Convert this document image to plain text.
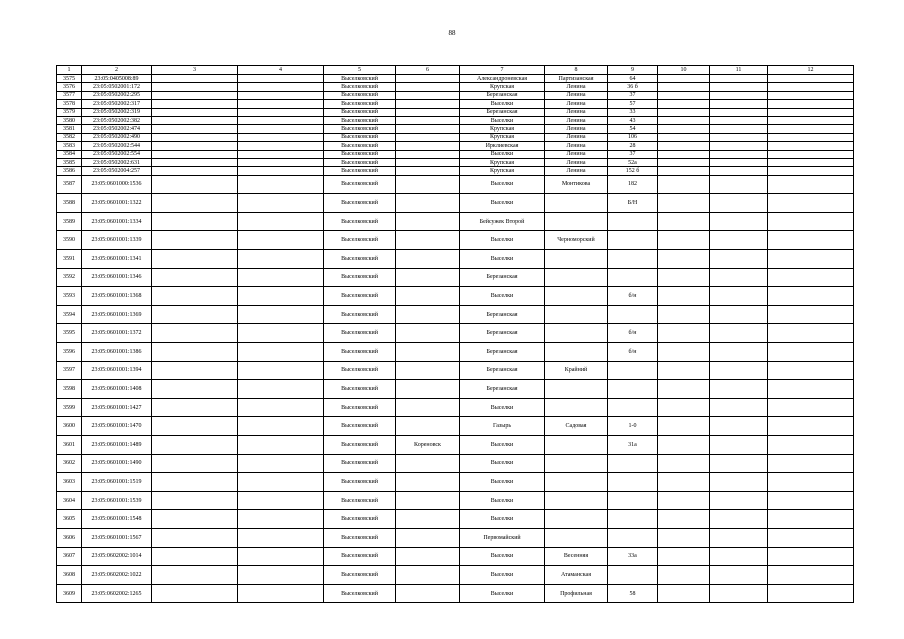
88
1	2	3	4	5	6	7	8	9	10	11	12
3575	23:05:0405008:89			Выселковский		Александроневская	Партизанская	64			
3576	23:05:0502001:172			Выселковский		Крупская	Ленина	36 б			
3577	23:05:0502002:295			Выселковский		Березанская	Ленина	37			
3578	23:05:0502002:317			Выселковский		Выселки	Ленина	57			
3579	23:05:0502002:319			Выселковский		Березанская	Ленина	33			
3580	23:05:0502002:382			Выселковский		Выселки	Ленина	43			
3581	23:05:0502002:474			Выселковский		Крупская	Ленина	54			
3582	23:05:0502002:490			Выселковский		Крупская	Ленина	106			
3583	23:05:0502002:544			Выселковский		Ирклиевская	Ленина	28			
3584	23:05:0502002:554			Выселковский		Выселки	Ленина	37			
3585	23:05:0502002:631			Выселковский		Крупская	Ленина	52а			
3586	23:05:0502004:257			Выселковский		Крупская	Ленина	152 б			
3587	23:05:0601000:1536			Выселковский		Выселки	Монтикова	182			
3588	23:05:0601001:1322			Выселковский		Выселки		Б/Н			
3589	23:05:0601001:1334			Выселковский		Бейсужек Второй					
3590	23:05:0601001:1339			Выселковский		Выселки	Черноморский				
3591	23:05:0601001:1341			Выселковский		Выселки					
3592	23:05:0601001:1346			Выселковский		Березанская					
3593	23:05:0601001:1368			Выселковский		Выселки		б/н			
3594	23:05:0601001:1369			Выселковский		Березанская					
3595	23:05:0601001:1372			Выселковский		Березанская		б/н			
3596	23:05:0601001:1386			Выселковский		Березанская		б/н			
3597	23:05:0601001:1394			Выселковский		Березанская	Крайний				
3598	23:05:0601001:1408			Выселковский		Березанская					
3599	23:05:0601001:1427			Выселковский		Выселки					
3600	23:05:0601001:1470			Выселковский		Газырь	Садовая	1-0			
3601	23:05:0601001:1489			Выселковский	Кореновск	Выселки		31а			
3602	23:05:0601001:1490			Выселковский		Выселки					
3603	23:05:0601001:1519			Выселковский		Выселки					
3604	23:05:0601001:1539			Выселковский		Выселки					
3605	23:05:0601001:1548			Выселковский		Выселки					
3606	23:05:0601001:1567			Выселковский		Первомайский					
3607	23:05:0602002:1014			Выселковский		Выселки	Весенняя	33а			
3608	23:05:0602002:1022			Выселковский		Выселки	Атаманская				
3609	23:05:0602002:1265			Выселковский		Выселки	Профильная	58			
